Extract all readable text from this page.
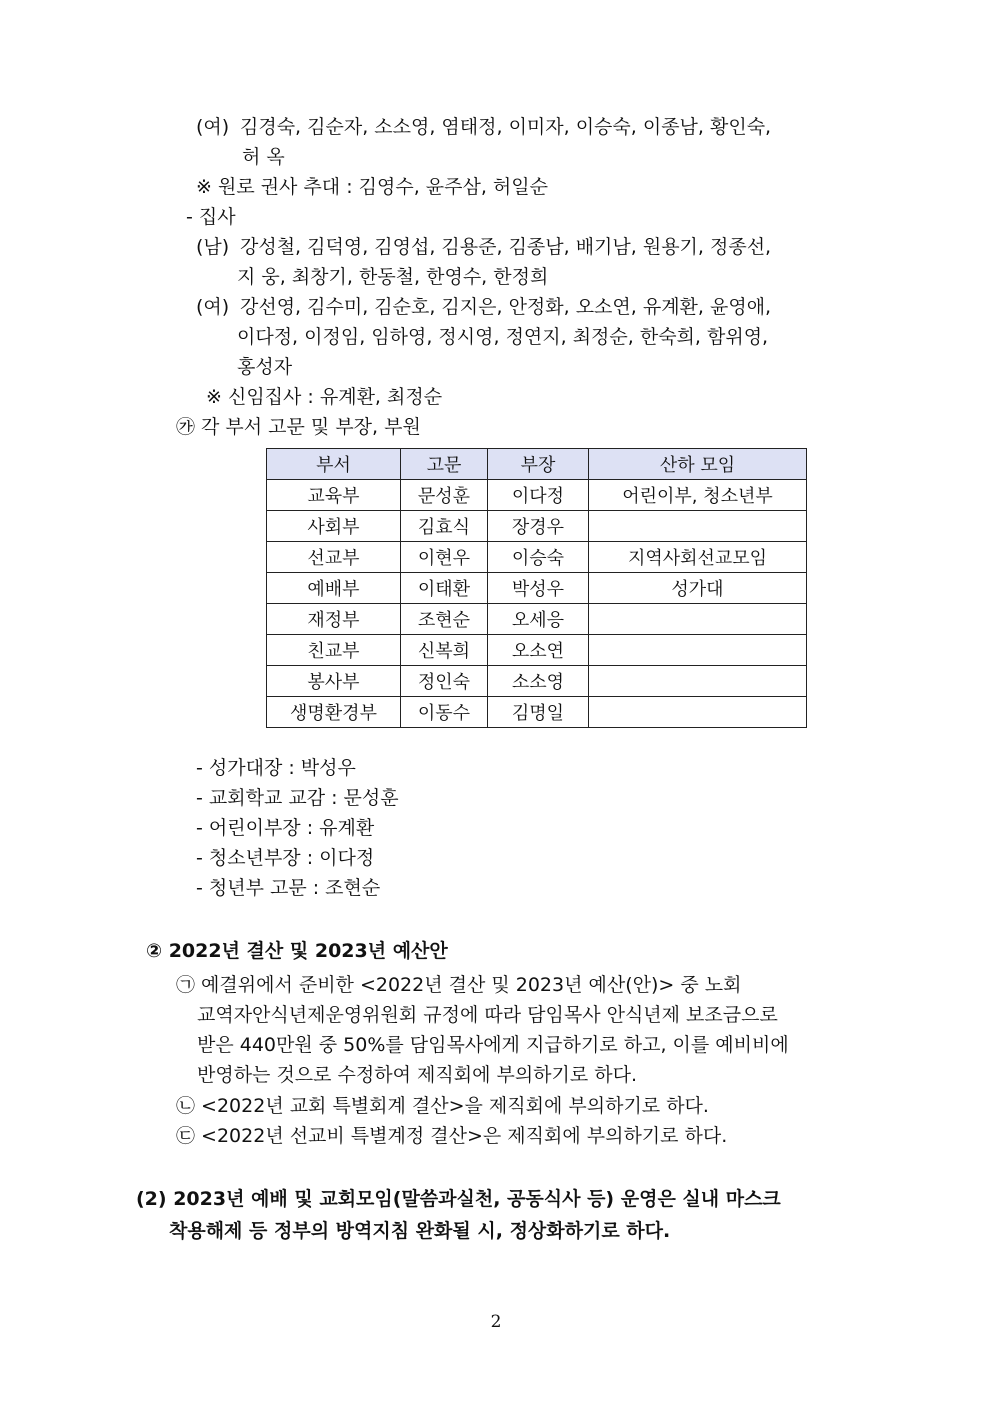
(여) 김경숙, 김순자, 소소영, 염태정, 이미자, 이승숙, 이종남, 황인숙,
허 옥
※ 원로 권사 추대 : 김영수, 윤주삼, 허일순
- 집사
(남) 강성철, 김덕영, 김영섭, 김용준, 김종남, 배기남, 원용기, 정종선,
지 웅, 최창기, 한동철, 한영수, 한정희
(여) 강선영, 김수미, 김순호, 김지은, 안정화, 오소연, 유계환, 윤영애,
이다정, 이정임, 임하영, 정시영, 정연지, 최정순, 한숙희, 함위영,
홍성자
※ 신임집사 : 유계환, 최정순
㉮ 각 부서 고문 및 부장, 부원
부서	고문	부장	산하 모임
교육부	문성훈	이다정	어린이부, 청소년부
사회부	김효식	장경우	
선교부	이현우	이승숙	지역사회선교모임
예배부	이태환	박성우	성가대
재정부	조현순	오세응	
친교부	신복희	오소연	
봉사부	정인숙	소소영	
생명환경부	이동수	김명일	
- 성가대장 : 박성우
- 교회학교 교감 : 문성훈
- 어린이부장 : 유계환
- 청소년부장 : 이다정
- 청년부 고문 : 조현순
② 2022년 결산 및 2023년 예산안
㉠ 예결위에서 준비한 <2022년 결산 및 2023년 예산(안)> 중 노회
교역자안식년제운영위원회 규정에 따라 담임목사 안식년제 보조금으로
받은 440만원 중 50%를 담임목사에게 지급하기로 하고, 이를 예비비에
반영하는 것으로 수정하여 제직회에 부의하기로 하다.
㉡ <2022년 교회 특별회계 결산>을 제직회에 부의하기로 하다.
㉢ <2022년 선교비 특별계정 결산>은 제직회에 부의하기로 하다.
(2) 2023년 예배 및 교회모임(말씀과실천, 공동식사 등) 운영은 실내 마스크
착용해제 등 정부의 방역지침 완화될 시, 정상화하기로 하다.
2
